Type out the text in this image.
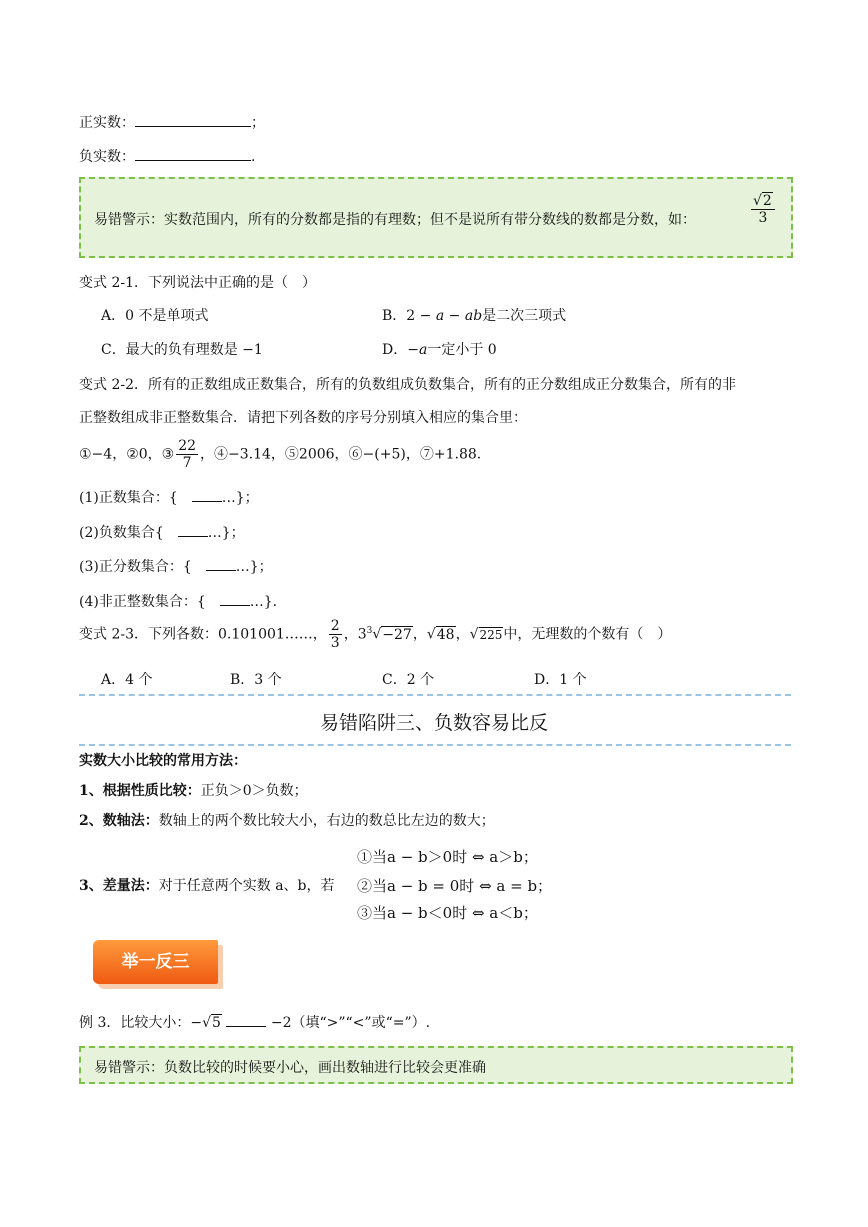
正实数：	；
负实数：	.
易错警示：实数范围内，所有的分数都是指的有理数；但不是说所有带分数线的数都是分数，如：	$\frac{√2}{3}$
变式 2-1．下列说法中正确的是（　）
A．0 不是单项式	B．2 − a − ab是二次三项式
C．最大的负有理数是 −1	D．−a一定小于 0
变式 2-2．所有的正数组成正数集合，所有的负数组成负数集合，所有的正分数组成正分数集合，所有的非
正整数组成非正整数集合．请把下列各数的序号分别填入相应的集合里：
①−4，②0，③ $\frac{22}{7}$ ，④−3.14，⑤2006，⑥−(+5)，⑦+1.88．
(1)正数集合：{　…}；
(2)负数集合{　…}；
(3)正分数集合：{　…}；
(4)非正整数集合：{　…}.
变式 2-3．下列各数：0.101001……， $\frac{2}{3}$ ，$3^3√-27$，√48，√225中，无理数的个数有（　）
A．4 个	B．3 个	C．2 个	D．1 个
易错陷阱三、负数容易比反
实数大小比较的常用方法：
1、根据性质比较：正负＞0＞负数；
2、数轴法：数轴上的两个数比较大小，右边的数总比左边的数大；
①当a − b＞0时 ⇔ a＞b；
3、差量法：对于任意两个实数 a、b，若 ②当a − b = 0时 ⇔ a = b；
③当a − b＜0时 ⇔ a＜b；
举一反三
例 3．比较大小：−√5	−2（填“>”“<”或“=”）.
易错警示：负数比较的时候要小心，画出数轴进行比较会更准确
